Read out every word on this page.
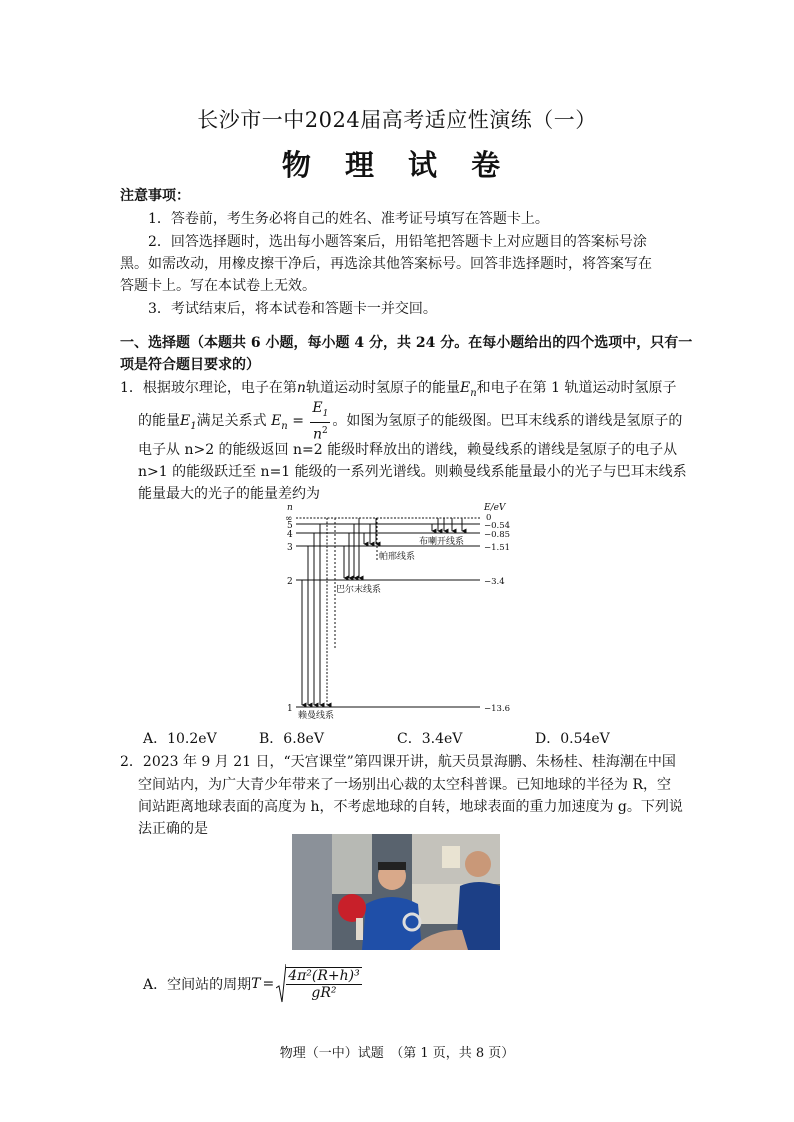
长沙市一中2024届高考适应性演练（一）
物 理 试 卷
注意事项：
1．答卷前，考生务必将自己的姓名、准考证号填写在答题卡上。
2．回答选择题时，选出每小题答案后，用铅笔把答题卡上对应题目的答案标号涂
黑。如需改动，用橡皮擦干净后，再选涂其他答案标号。回答非选择题时，将答案写在
答题卡上。写在本试卷上无效。
3．考试结束后，将本试卷和答题卡一并交回。
一、选择题（本题共 6 小题，每小题 4 分，共 24 分。在每小题给出的四个选项中，只有一
项是符合题目要求的）
1．根据玻尔理论，电子在第n轨道运动时氢原子的能量$E_n$和电子在第 1 轨道运动时氢原子
的能量$E_1$满足关系式 $E_n = \frac{E_1}{n^2}$ 。如图为氢原子的能级图。巴耳末线系的谱线是氢原子的
电子从 n>2 的能级返回 n=2 能级时释放出的谱线，赖曼线系的谱线是氢原子的电子从
n>1 的能级跃迁至 n=1 能级的一系列光谱线。则赖曼线系能量最小的光子与巴耳末线系
能量最大的光子的能量差约为
n	E/eV
∞
5
4
3
2
1
0
−0.54
−0.85
−1.51
−3.4
−13.6
赖曼线系
巴尔末线系
帕邢线系
布喇开线系
A．10.2eV	B．6.8eV	C．3.4eV	D．0.54eV
2．2023 年 9 月 21 日，“天宫课堂”第四课开讲，航天员景海鹏、朱杨桂、桂海潮在中国
空间站内，为广大青少年带来了一场别出心裁的太空科普课。已知地球的半径为 R，空
间站距离地球表面的高度为 h，不考虑地球的自转，地球表面的重力加速度为 g。下列说
法正确的是
A．空间站的周期 $T = \frac{\text{4π²(R+h)³}}{\text{gR²}}$
物理（一中）试题　（第 1 页，共 8 页）
